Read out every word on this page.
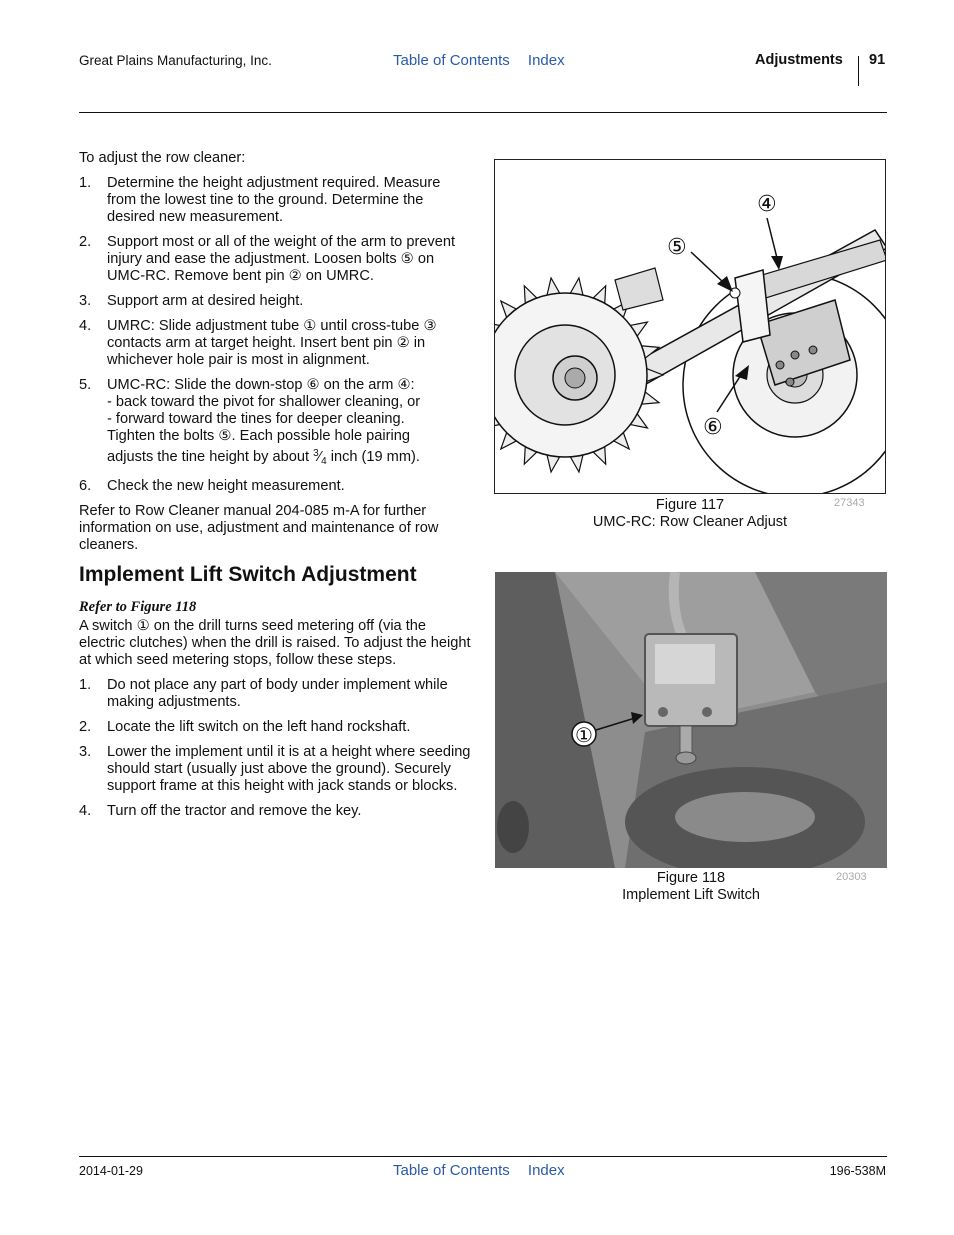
Great Plains Manufacturing, Inc.	Table of Contents Index	Adjustments 91

To adjust the row cleaner:

1. Determine the height adjustment required. Measure from the lowest tine to the ground. Determine the desired new measurement.
2. Support most or all of the weight of the arm to prevent injury and ease the adjustment. Loosen bolts ⑤ on UMC-RC. Remove bent pin ② on UMRC.
3. Support arm at desired height.
4. UMRC: Slide adjustment tube ① until cross-tube ③ contacts arm at target height. Insert bent pin ② in whichever hole pair is most in alignment.
5. UMC-RC: Slide the down-stop ⑥ on the arm ④:
- back toward the pivot for shallower cleaning, or
- forward toward the tines for deeper cleaning.
Tighten the bolts ⑤. Each possible hole pairing
adjusts the tine height by about $^3⁄_4$ inch (19 mm).
6. Check the new height measurement.

Refer to Row Cleaner manual 204-085 m-A for further information on use, adjustment and maintenance of row cleaners.

④
⑤
⑥
Figure 117
UMC-RC: Row Cleaner Adjust
27343
Implement Lift Switch Adjustment
Refer to Figure 118

A switch ① on the drill turns seed metering off (via the electric clutches) when the drill is raised. To adjust the height at which seed metering stops, follow these steps.

1. Do not place any part of body under implement while making adjustments.
2. Locate the lift switch on the left hand rockshaft.
3. Lower the implement until it is at a height where seeding should start (usually just above the ground). Securely support frame at this height with jack stands or blocks.
4. Turn off the tractor and remove the key.
①
Figure 118
Implement Lift Switch
20303
2014-01-29	Table of Contents Index	196-538M
